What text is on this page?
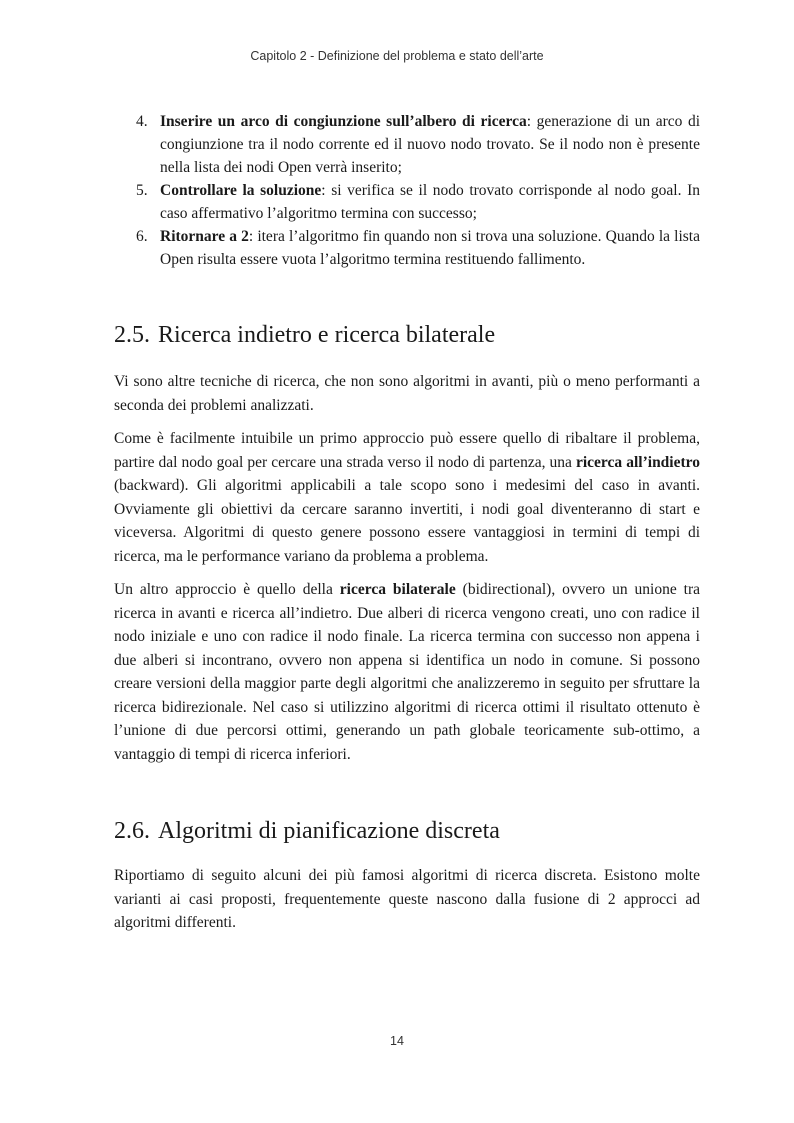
Capitolo 2 - Definizione del problema e stato dell’arte
4. Inserire un arco di congiunzione sull’albero di ricerca: generazione di un arco di congiunzione tra il nodo corrente ed il nuovo nodo trovato. Se il nodo non è presente nella lista dei nodi Open verrà inserito;
5. Controllare la soluzione: si verifica se il nodo trovato corrisponde al nodo goal. In caso affermativo l’algoritmo termina con successo;
6. Ritornare a 2: itera l’algoritmo fin quando non si trova una soluzione. Quando la lista Open risulta essere vuota l’algoritmo termina restituendo fallimento.
2.5. Ricerca indietro e ricerca bilaterale

Vi sono altre tecniche di ricerca, che non sono algoritmi in avanti, più o meno performanti a seconda dei problemi analizzati.

Come è facilmente intuibile un primo approccio può essere quello di ribaltare il problema, partire dal nodo goal per cercare una strada verso il nodo di partenza, una ricerca all’indietro (backward). Gli algoritmi applicabili a tale scopo sono i medesimi del caso in avanti. Ovviamente gli obiettivi da cercare saranno invertiti, i nodi goal diventeranno di start e viceversa. Algoritmi di questo genere possono essere vantaggiosi in termini di tempi di ricerca, ma le performance variano da problema a problema.

Un altro approccio è quello della ricerca bilaterale (bidirectional), ovvero un unione tra ricerca in avanti e ricerca all’indietro. Due alberi di ricerca vengono creati, uno con radice il nodo iniziale e uno con radice il nodo finale. La ricerca termina con successo non appena i due alberi si incontrano, ovvero non appena si identifica un nodo in comune. Si possono creare versioni della maggior parte degli algoritmi che analizzeremo in seguito per sfruttare la ricerca bidirezionale. Nel caso si utilizzino algoritmi di ricerca ottimi il risultato ottenuto è l’unione di due percorsi ottimi, generando un path globale teoricamente sub-ottimo, a vantaggio di tempi di ricerca inferiori.

2.6. Algoritmi di pianificazione discreta

Riportiamo di seguito alcuni dei più famosi algoritmi di ricerca discreta. Esistono molte varianti ai casi proposti, frequentemente queste nascono dalla fusione di 2 approcci ad algoritmi differenti.

14
